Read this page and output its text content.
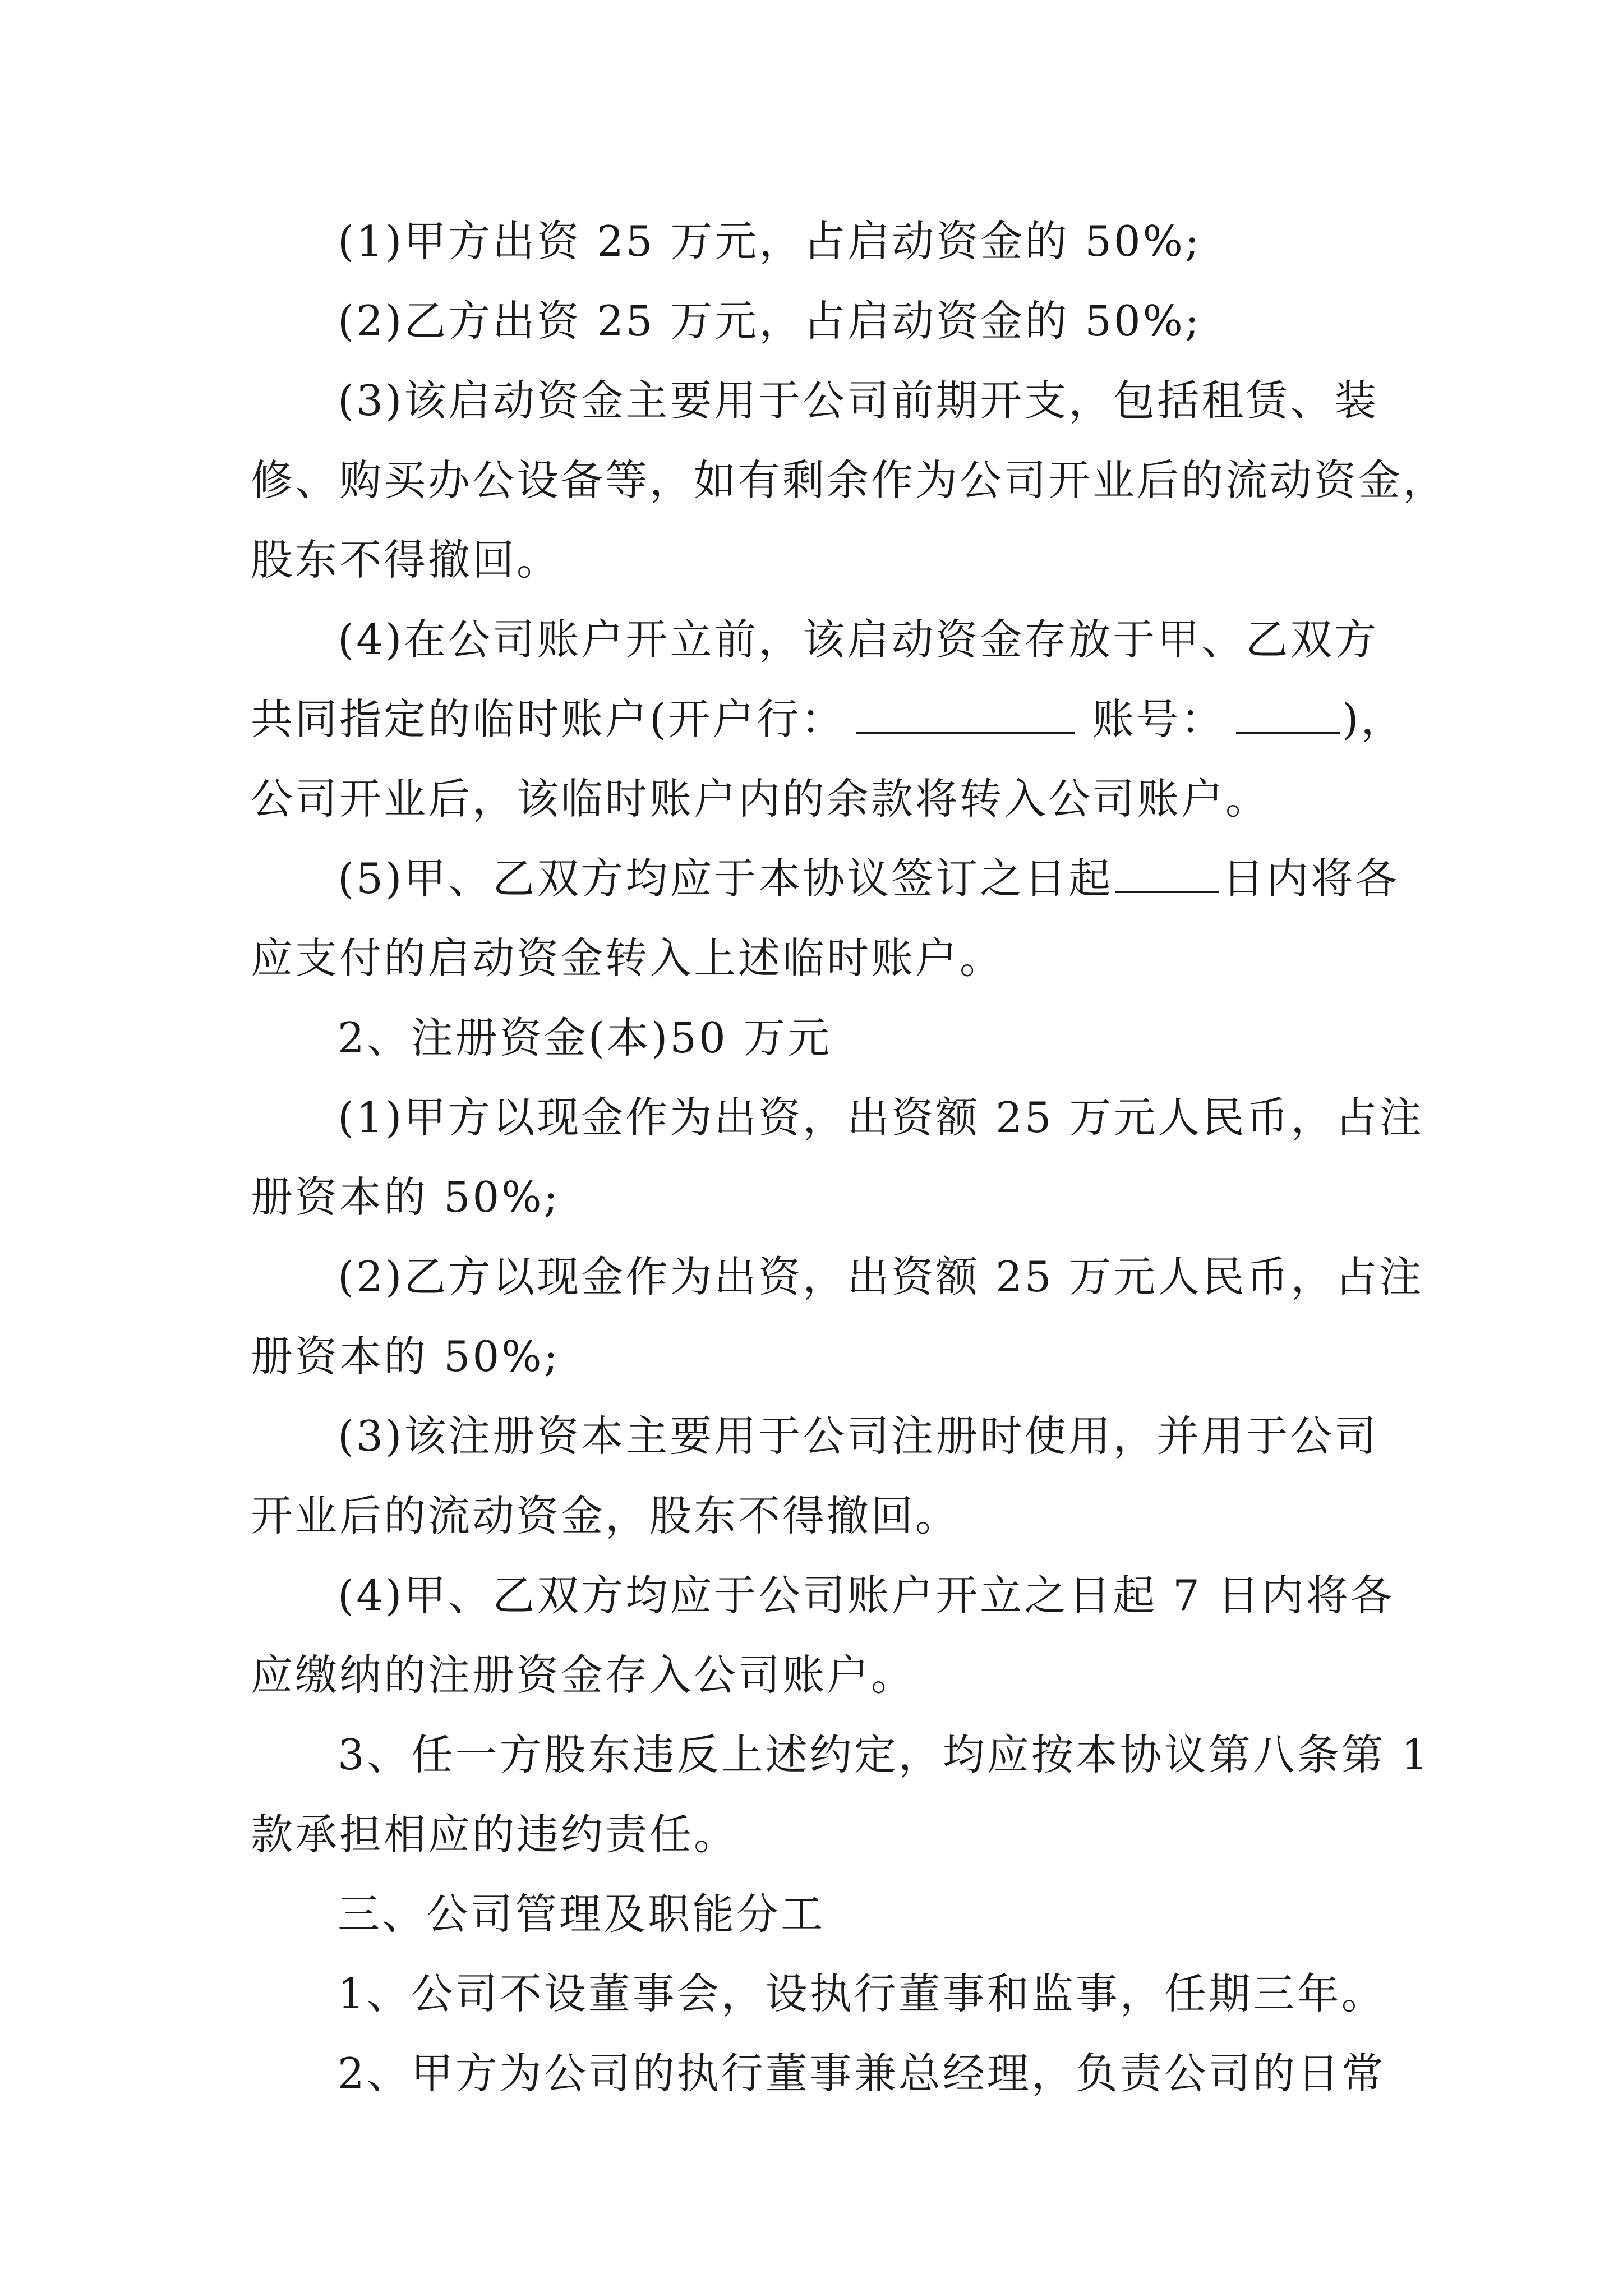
(1)甲方出资 25 万元，占启动资金的 50%;
(2)乙方出资 25 万元，占启动资金的 50%;
(3)该启动资金主要用于公司前期开支，包括租赁、装
修、购买办公设备等，如有剩余作为公司开业后的流动资金，
股东不得撤回。
(4)在公司账户开立前，该启动资金存放于甲、乙双方
共同指定的临时账户(开户行：	账号：	)，
公司开业后，该临时账户内的余款将转入公司账户。
(5)甲、乙双方均应于本协议签订之日起	日内将各
应支付的启动资金转入上述临时账户。
2、注册资金(本)50 万元
(1)甲方以现金作为出资，出资额 25 万元人民币，占注
册资本的 50%;
(2)乙方以现金作为出资，出资额 25 万元人民币，占注
册资本的 50%;
(3)该注册资本主要用于公司注册时使用，并用于公司
开业后的流动资金，股东不得撤回。
(4)甲、乙双方均应于公司账户开立之日起 7 日内将各
应缴纳的注册资金存入公司账户。
3、任一方股东违反上述约定，均应按本协议第八条第 1
款承担相应的违约责任。
三、公司管理及职能分工
1、公司不设董事会，设执行董事和监事，任期三年。
2、甲方为公司的执行董事兼总经理，负责公司的日常
